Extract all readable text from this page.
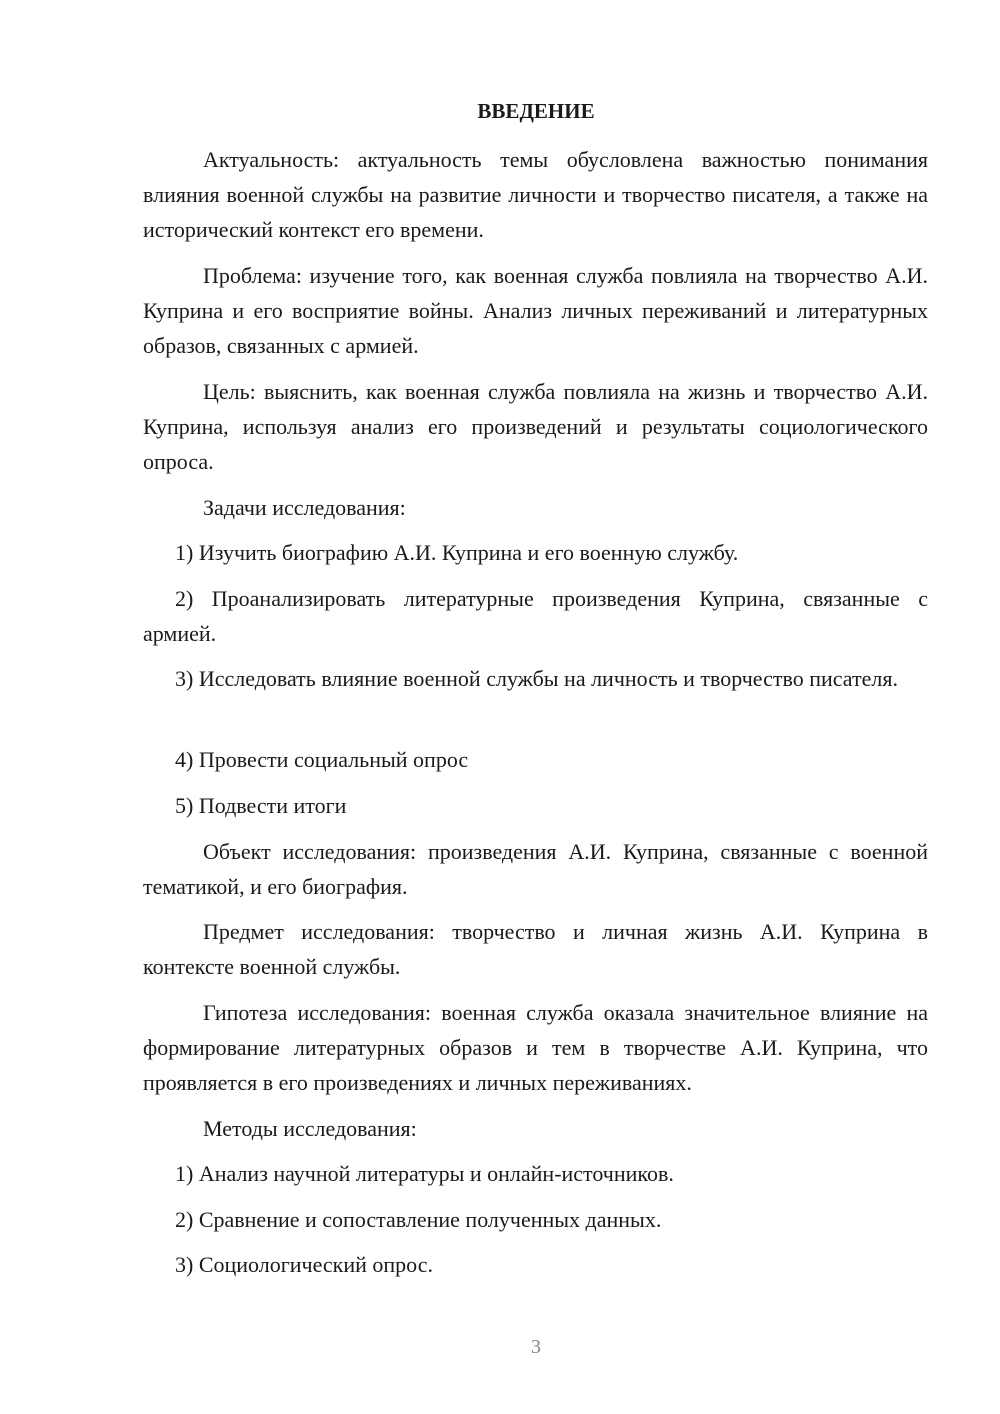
ВВЕДЕНИЕ
Актуальность: актуальность темы обусловлена важностью понимания влияния военной службы на развитие личности и творчество писателя, а также на исторический контекст его времени.
Проблема: изучение того, как военная служба повлияла на творчество А.И. Куприна и его восприятие войны. Анализ личных переживаний и литературных образов, связанных с армией.
Цель: выяснить, как военная служба повлияла на жизнь и творчество А.И. Куприна, используя анализ его произведений и результаты социологического опроса.
Задачи исследования:
1) Изучить биографию А.И. Куприна и его военную службу.
2) Проанализировать литературные произведения Куприна, связанные с армией.
3) Исследовать влияние военной службы на личность и творчество писателя.
4) Провести социальный опрос
5) Подвести итоги
Объект исследования: произведения А.И. Куприна, связанные с военной тематикой, и его биография.
Предмет исследования: творчество и личная жизнь А.И. Куприна в контексте военной службы.
Гипотеза исследования: военная служба оказала значительное влияние на формирование литературных образов и тем в творчестве А.И. Куприна, что проявляется в его произведениях и личных переживаниях.
Методы исследования:
1) Анализ научной литературы и онлайн-источников.
2) Сравнение и сопоставление полученных данных.
3) Социологический опрос.
3
